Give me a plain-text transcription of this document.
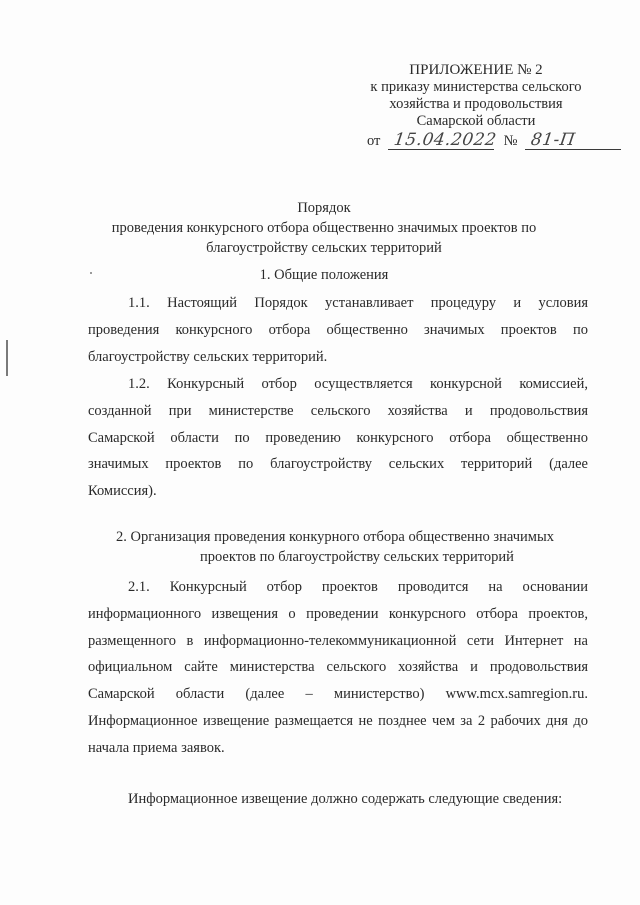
ПРИЛОЖЕНИЕ № 2
к приказу министерства сельского
хозяйства и продовольствия
Самарской области
от 15.04.2022 № 81-П
Порядок
проведения конкурсного отбора общественно значимых проектов по
благоустройству сельских территорий
1. Общие положения
1.1. Настоящий Порядок устанавливает процедуру и условия
проведения конкурсного отбора общественно значимых проектов по
благоустройству сельских территорий.
1.2. Конкурсный отбор осуществляется конкурсной комиссией,
созданной при министерстве сельского хозяйства и продовольствия
Самарской области по проведению конкурсного отбора общественно
значимых проектов по благоустройству сельских территорий (далее
Комиссия).
2. Организация проведения конкурного отбора общественно значимых
проектов по благоустройству сельских территорий
2.1. Конкурсный отбор проектов проводится на основании
информационного извещения о проведении конкурсного отбора проектов,
размещенного в информационно-телекоммуникационной сети Интернет на
официальном сайте министерства сельского хозяйства и продовольствия
Самарской области (далее – министерство) www.mcx.samregion.ru.
Информационное извещение размещается не позднее чем за 2 рабочих дня до
начала приема заявок.
Информационное извещение должно содержать следующие сведения:
